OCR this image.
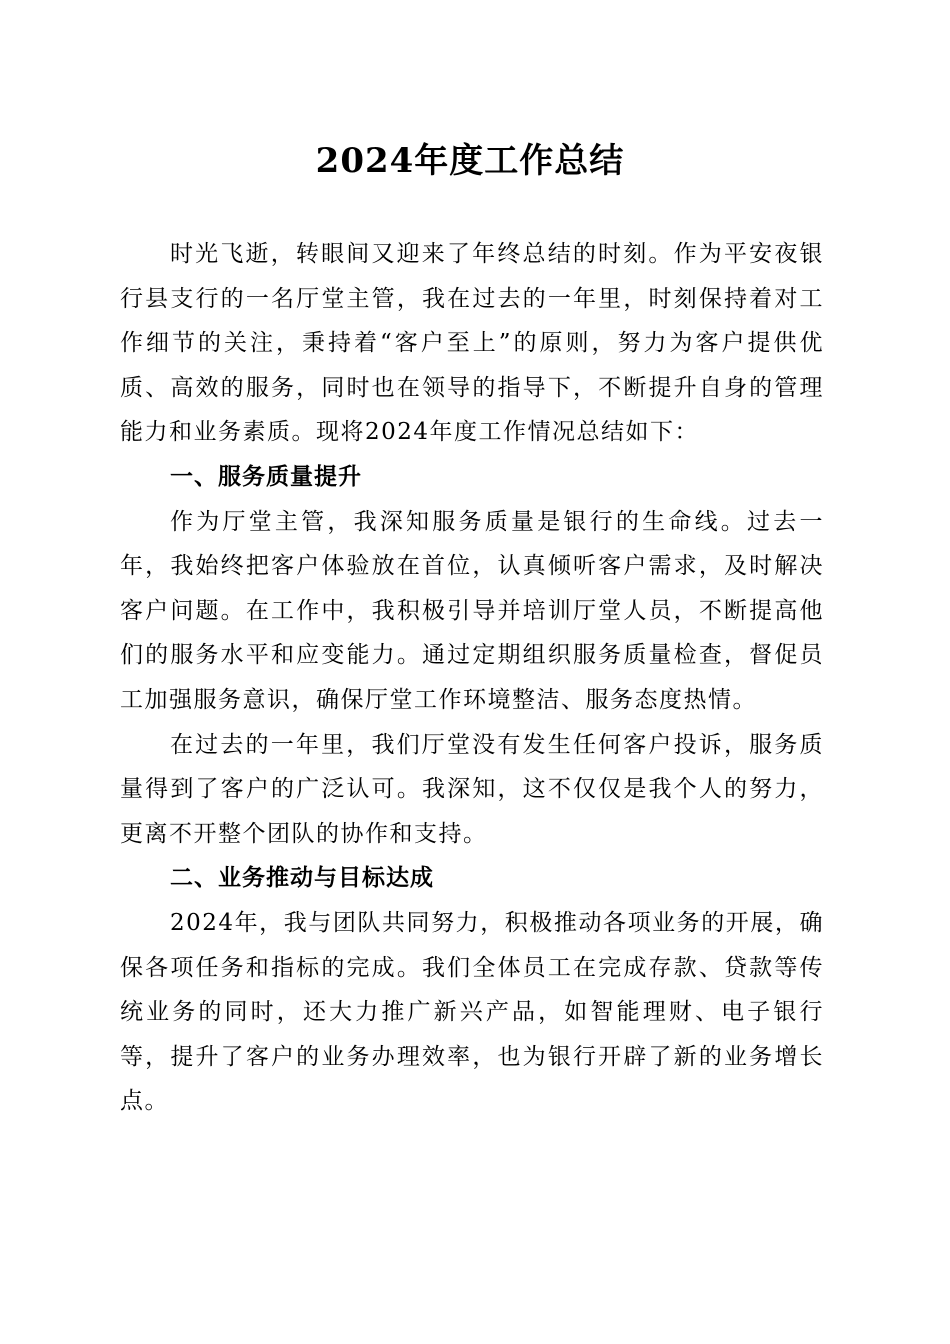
2024年度工作总结

时光飞逝，转眼间又迎来了年终总结的时刻。作为平安夜银行县支行的一名厅堂主管，我在过去的一年里，时刻保持着对工作细节的关注，秉持着“客户至上”的原则，努力为客户提供优质、高效的服务，同时也在领导的指导下，不断提升自身的管理能力和业务素质。现将2024年度工作情况总结如下：

一、服务质量提升

作为厅堂主管，我深知服务质量是银行的生命线。过去一年，我始终把客户体验放在首位，认真倾听客户需求，及时解决客户问题。在工作中，我积极引导并培训厅堂人员，不断提高他们的服务水平和应变能力。通过定期组织服务质量检查，督促员工加强服务意识，确保厅堂工作环境整洁、服务态度热情。

在过去的一年里，我们厅堂没有发生任何客户投诉，服务质量得到了客户的广泛认可。我深知，这不仅仅是我个人的努力，更离不开整个团队的协作和支持。

二、业务推动与目标达成

2024年，我与团队共同努力，积极推动各项业务的开展，确保各项任务和指标的完成。我们全体员工在完成存款、贷款等传统业务的同时，还大力推广新兴产品，如智能理财、电子银行等，提升了客户的业务办理效率，也为银行开辟了新的业务增长点。
